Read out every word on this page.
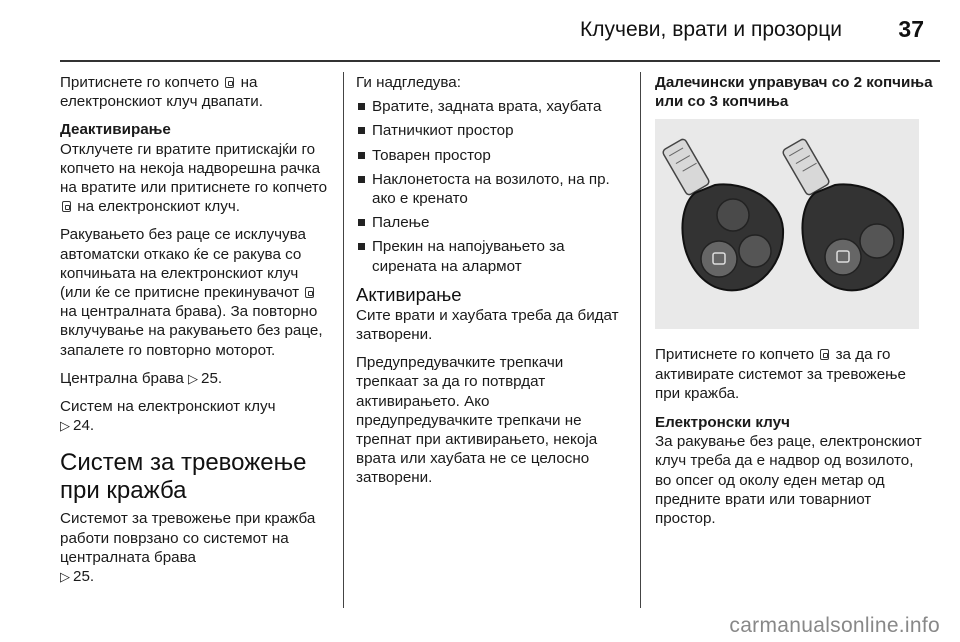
Клучеви, врати и прозорци 37

Притиснете го копчето на електронскиот клуч двапати.

Деактивирање

Отклучете ги вратите притискајќи го копчето на некоја надворешна рачка на вратите или притиснете го копчето  на електронскиот клуч.

Ракувањето без раце се исклучува автоматски откако ќе се ракува со копчињата на електронскиот клуч (или ќе се притисне прекинувачот  на централната брава). За повторно вклучување на ракувањето без раце, запалете го повторно моторот.

Централна брава ▷ 25.

Систем на електронскиот клуч
▷ 24.

Систем за тревожење при кражба

Системот за тревожење при кражба работи поврзано со системот на централната брава
▷ 25.

Ги надгледува:

Вратите, задната врата, хаубата
Патничкиот простор
Товарен простор
Наклонетоста на возилото, на пр. ако е кренато
Палење
Прекин на напојувањето за сирената на алармот
Активирање

Сите врати и хаубата треба да бидат затворени.

Предупредувачките трепкачи трепкаат за да го потврдат активирањето. Ако предупредувачките трепкачи не трепнат при активирањето, некоја врата или хаубата не се целосно затворени.

Далечински управувач со 2 копчиња или со 3 копчиња

Притиснете го копчето за да го активирате системот за тревожење при кражба.

Електронски клуч

За ракување без раце, електронскиот клуч треба да е надвор од возилото, во опсег од околу еден метар од предните врати или товарниот простор.

carmanualsonline.info
